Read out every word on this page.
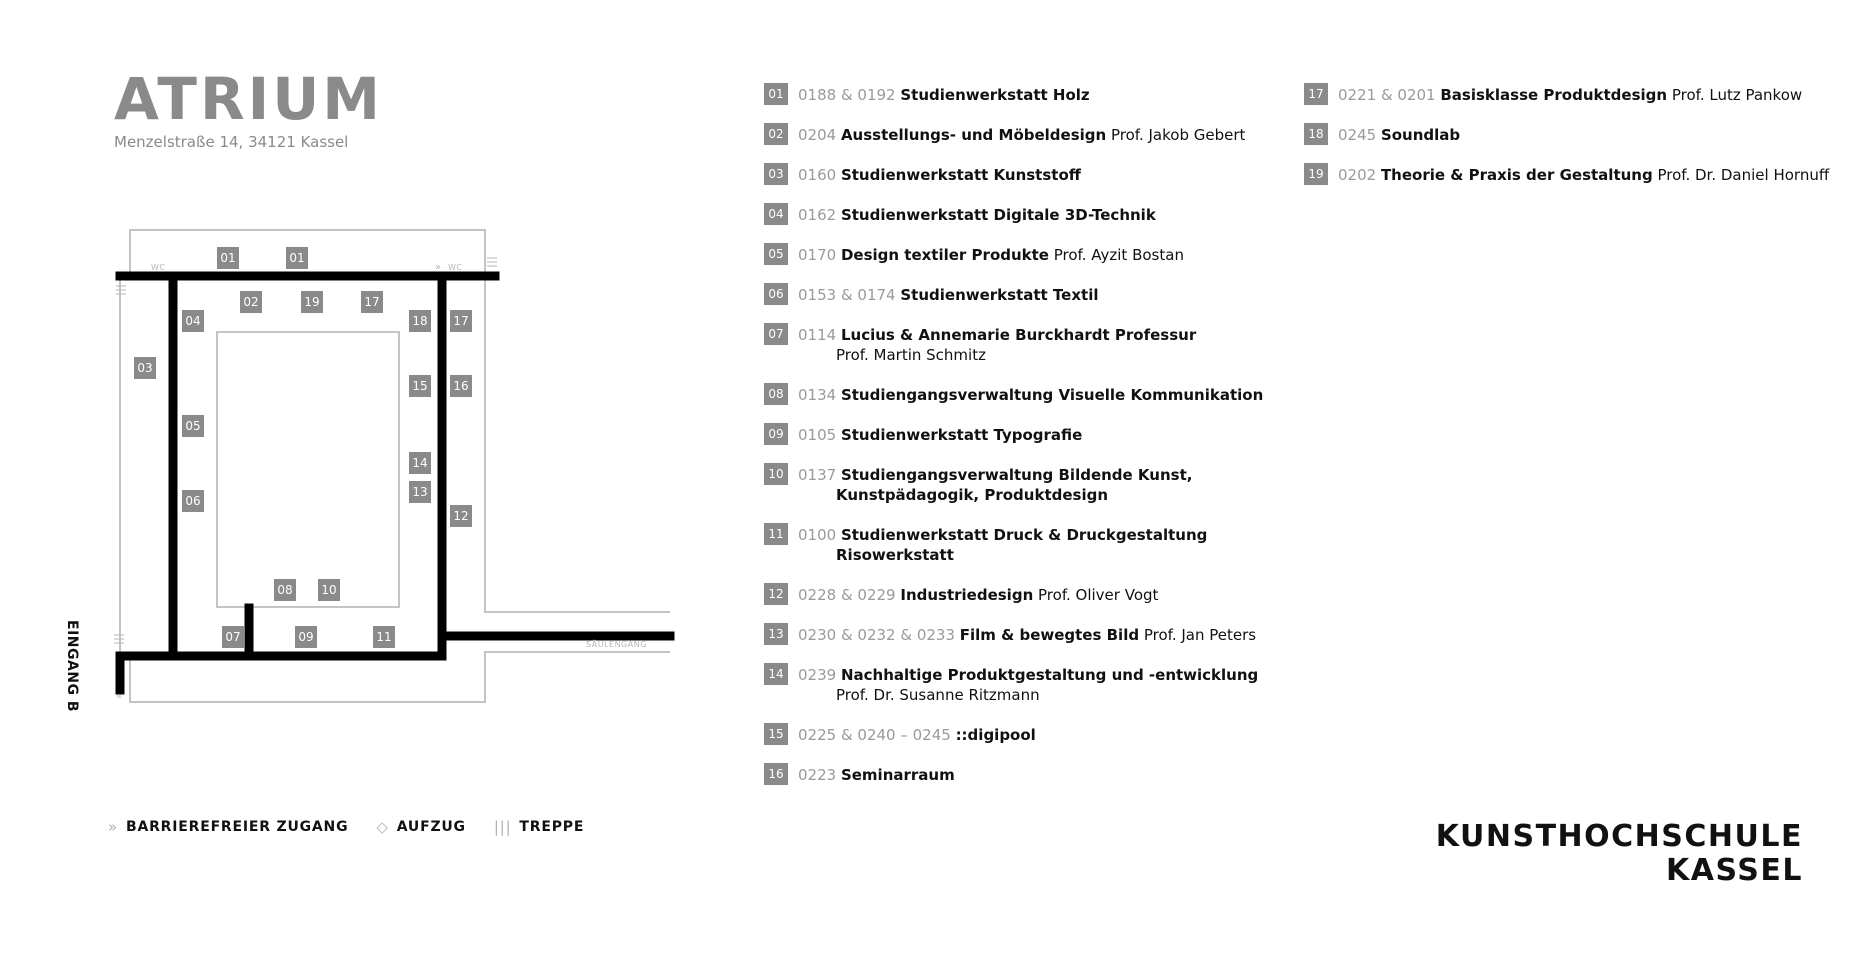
ATRIUM
Menzelstraße 14, 34121 Kassel
WC	WC
SÄULENGANG
»
«
01	01
02	19	17
04	18 17
03
15 16
05
14
06
13
12
08 10
07	09	11
EINGANG B
» BARRIEREFREIER ZUGANG ◇ AUFZUG ||| TREPPE
01 0188 & 0192 Studienwerkstatt Holz
02 0204 Ausstellungs- und Möbeldesign Prof. Jakob Gebert
03 0160 Studienwerkstatt Kunststoff
04 0162 Studienwerkstatt Digitale 3D-Technik
05 0170 Design textiler Produkte Prof. Ayzit Bostan
06 0153 & 0174 Studienwerkstatt Textil
07 0114 Lucius & Annemarie Burckhardt Professur
Prof. Martin Schmitz
08 0134 Studiengangsverwaltung Visuelle Kommunikation
09 0105 Studienwerkstatt Typografie
10 0137 Studiengangsverwaltung Bildende Kunst,
Kunstpädagogik, Produktdesign
11 0100 Studienwerkstatt Druck & Druckgestaltung
Risowerkstatt
12 0228 & 0229 Industriedesign Prof. Oliver Vogt
13 0230 & 0232 & 0233 Film & bewegtes Bild Prof. Jan Peters
14 0239 Nachhaltige Produktgestaltung und -entwicklung
Prof. Dr. Susanne Ritzmann
15 0225 & 0240 – 0245 ::digipool
16 0223 Seminarraum
17 0221 & 0201 Basisklasse Produktdesign Prof. Lutz Pankow
18 0245 Soundlab
19 0202 Theorie & Praxis der Gestaltung Prof. Dr. Daniel Hornuff
KUNSTHOCHSCHULE
KASSEL
